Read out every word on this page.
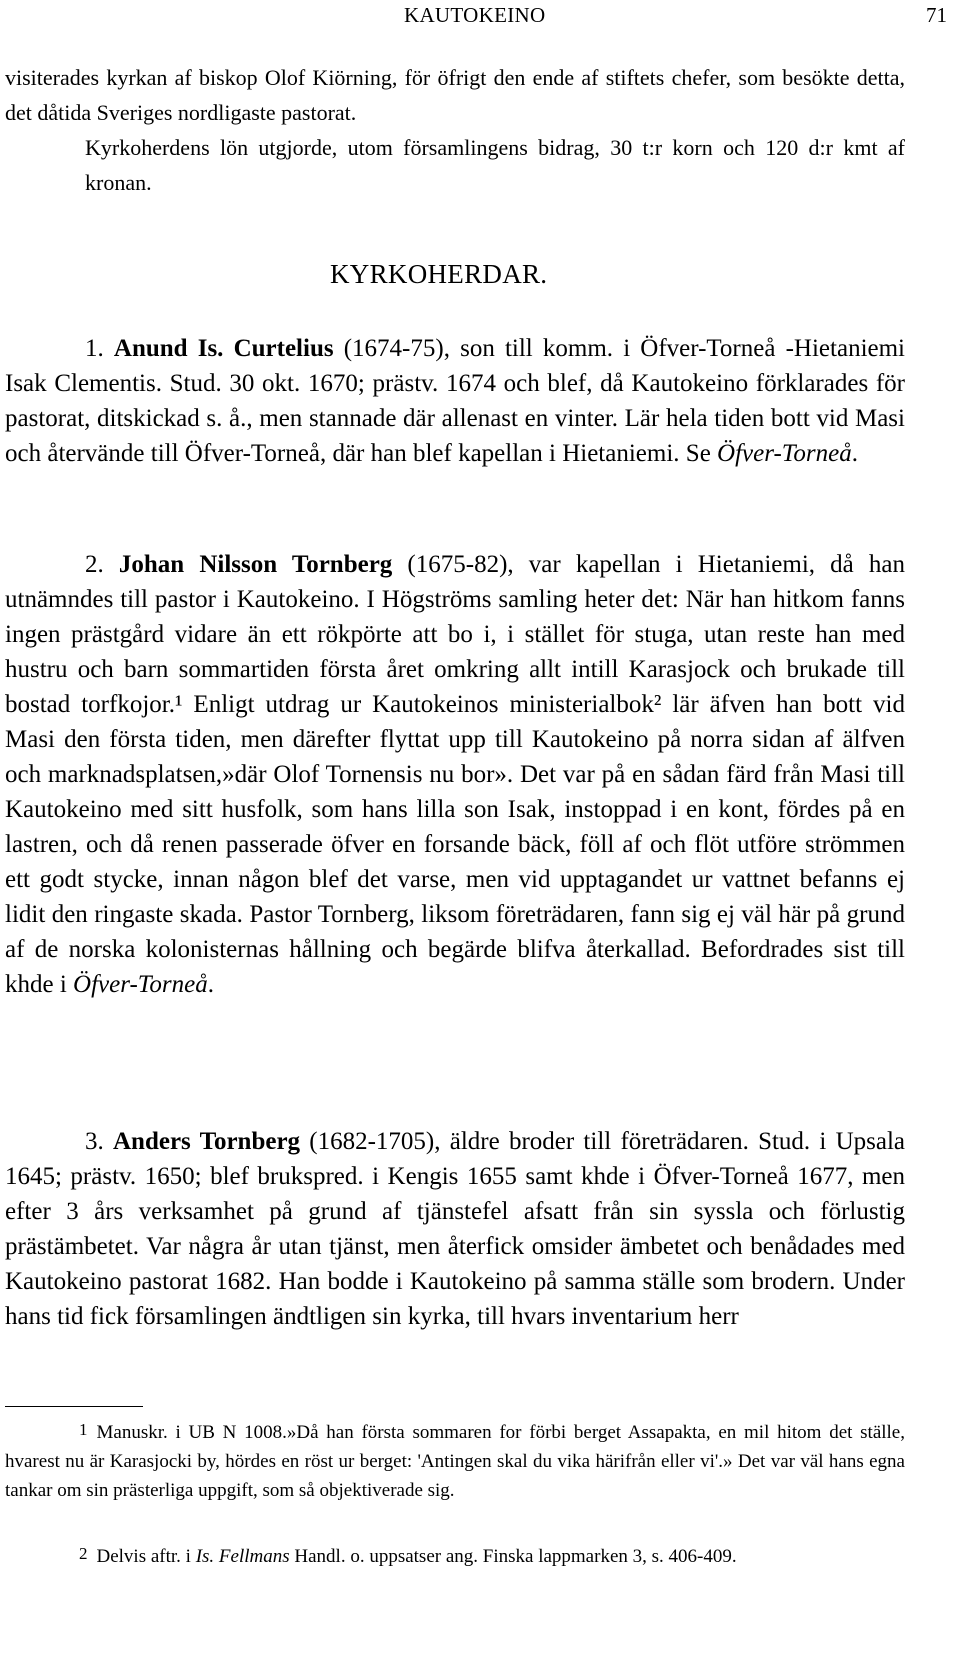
KAUTOKEINO	71
visiterades kyrkan af biskop Olof Kiörning, för öfrigt den ende af stiftets chefer, som besökte detta, det dåtida Sveriges nordligaste pastorat.
Kyrkoherdens lön utgjorde, utom församlingens bidrag, 30 t:r korn och 120 d:r kmt af kronan.
KYRKOHERDAR.

1. Anund Is. Curtelius (1674-75), son till komm. i Öfver-Torneå -Hietaniemi Isak Clementis. Stud. 30 okt. 1670; prästv. 1674 och blef, då Kautokeino förklarades för pastorat, ditskickad s. å., men stannade där allenast en vinter. Lär hela tiden bott vid Masi och återvände till Öfver-Torneå, där han blef kapellan i Hietaniemi. Se Öfver-Torneå.

2. Johan Nilsson Tornberg (1675-82), var kapellan i Hietaniemi, då han utnämndes till pastor i Kautokeino. I Högströms samling heter det: När han hitkom fanns ingen prästgård vidare än ett rökpörte att bo i, i stället för stuga, utan reste han med hustru och barn sommartiden första året omkring allt intill Karasjock och brukade till bostad torfkojor.¹ Enligt utdrag ur Kautokeinos ministerialbok² lär äfven han bott vid Masi den första tiden, men därefter flyttat upp till Kautokeino på norra sidan af älfven och marknadsplatsen,»där Olof Tornensis nu bor». Det var på en sådan färd från Masi till Kautokeino med sitt husfolk, som hans lilla son Isak, instoppad i en kont, fördes på en lastren, och då renen passerade öfver en forsande bäck, föll af och flöt utföre strömmen ett godt stycke, innan någon blef det varse, men vid upptagandet ur vattnet befanns ej lidit den ringaste skada. Pastor Tornberg, liksom företrädaren, fann sig ej väl här på grund af de norska kolonisternas hållning och begärde blifva återkallad. Befordrades sist till khde i Öfver-Torneå.

3. Anders Tornberg (1682-1705), äldre broder till företrädaren. Stud. i Upsala 1645; prästv. 1650; blef brukspred. i Kengis 1655 samt khde i Öfver-Torneå 1677, men efter 3 års verksamhet på grund af tjänstefel afsatt från sin syssla och förlustig prästämbetet. Var några år utan tjänst, men återfick omsider ämbetet och benådades med Kautokeino pastorat 1682. Han bodde i Kautokeino på samma ställe som brodern. Under hans tid fick församlingen ändtligen sin kyrka, till hvars inventarium herr

1 Manuskr. i UB N 1008.»Då han första sommaren for förbi berget Assapakta, en mil hitom det ställe, hvarest nu är Karasjocki by, hördes en röst ur berget: 'Antingen skal du vika härifrån eller vi'.» Det var väl hans egna tankar om sin prästerliga uppgift, som så objektiverade sig.

2 Delvis aftr. i Is. Fellmans Handl. o. uppsatser ang. Finska lappmarken 3, s. 406-409.
